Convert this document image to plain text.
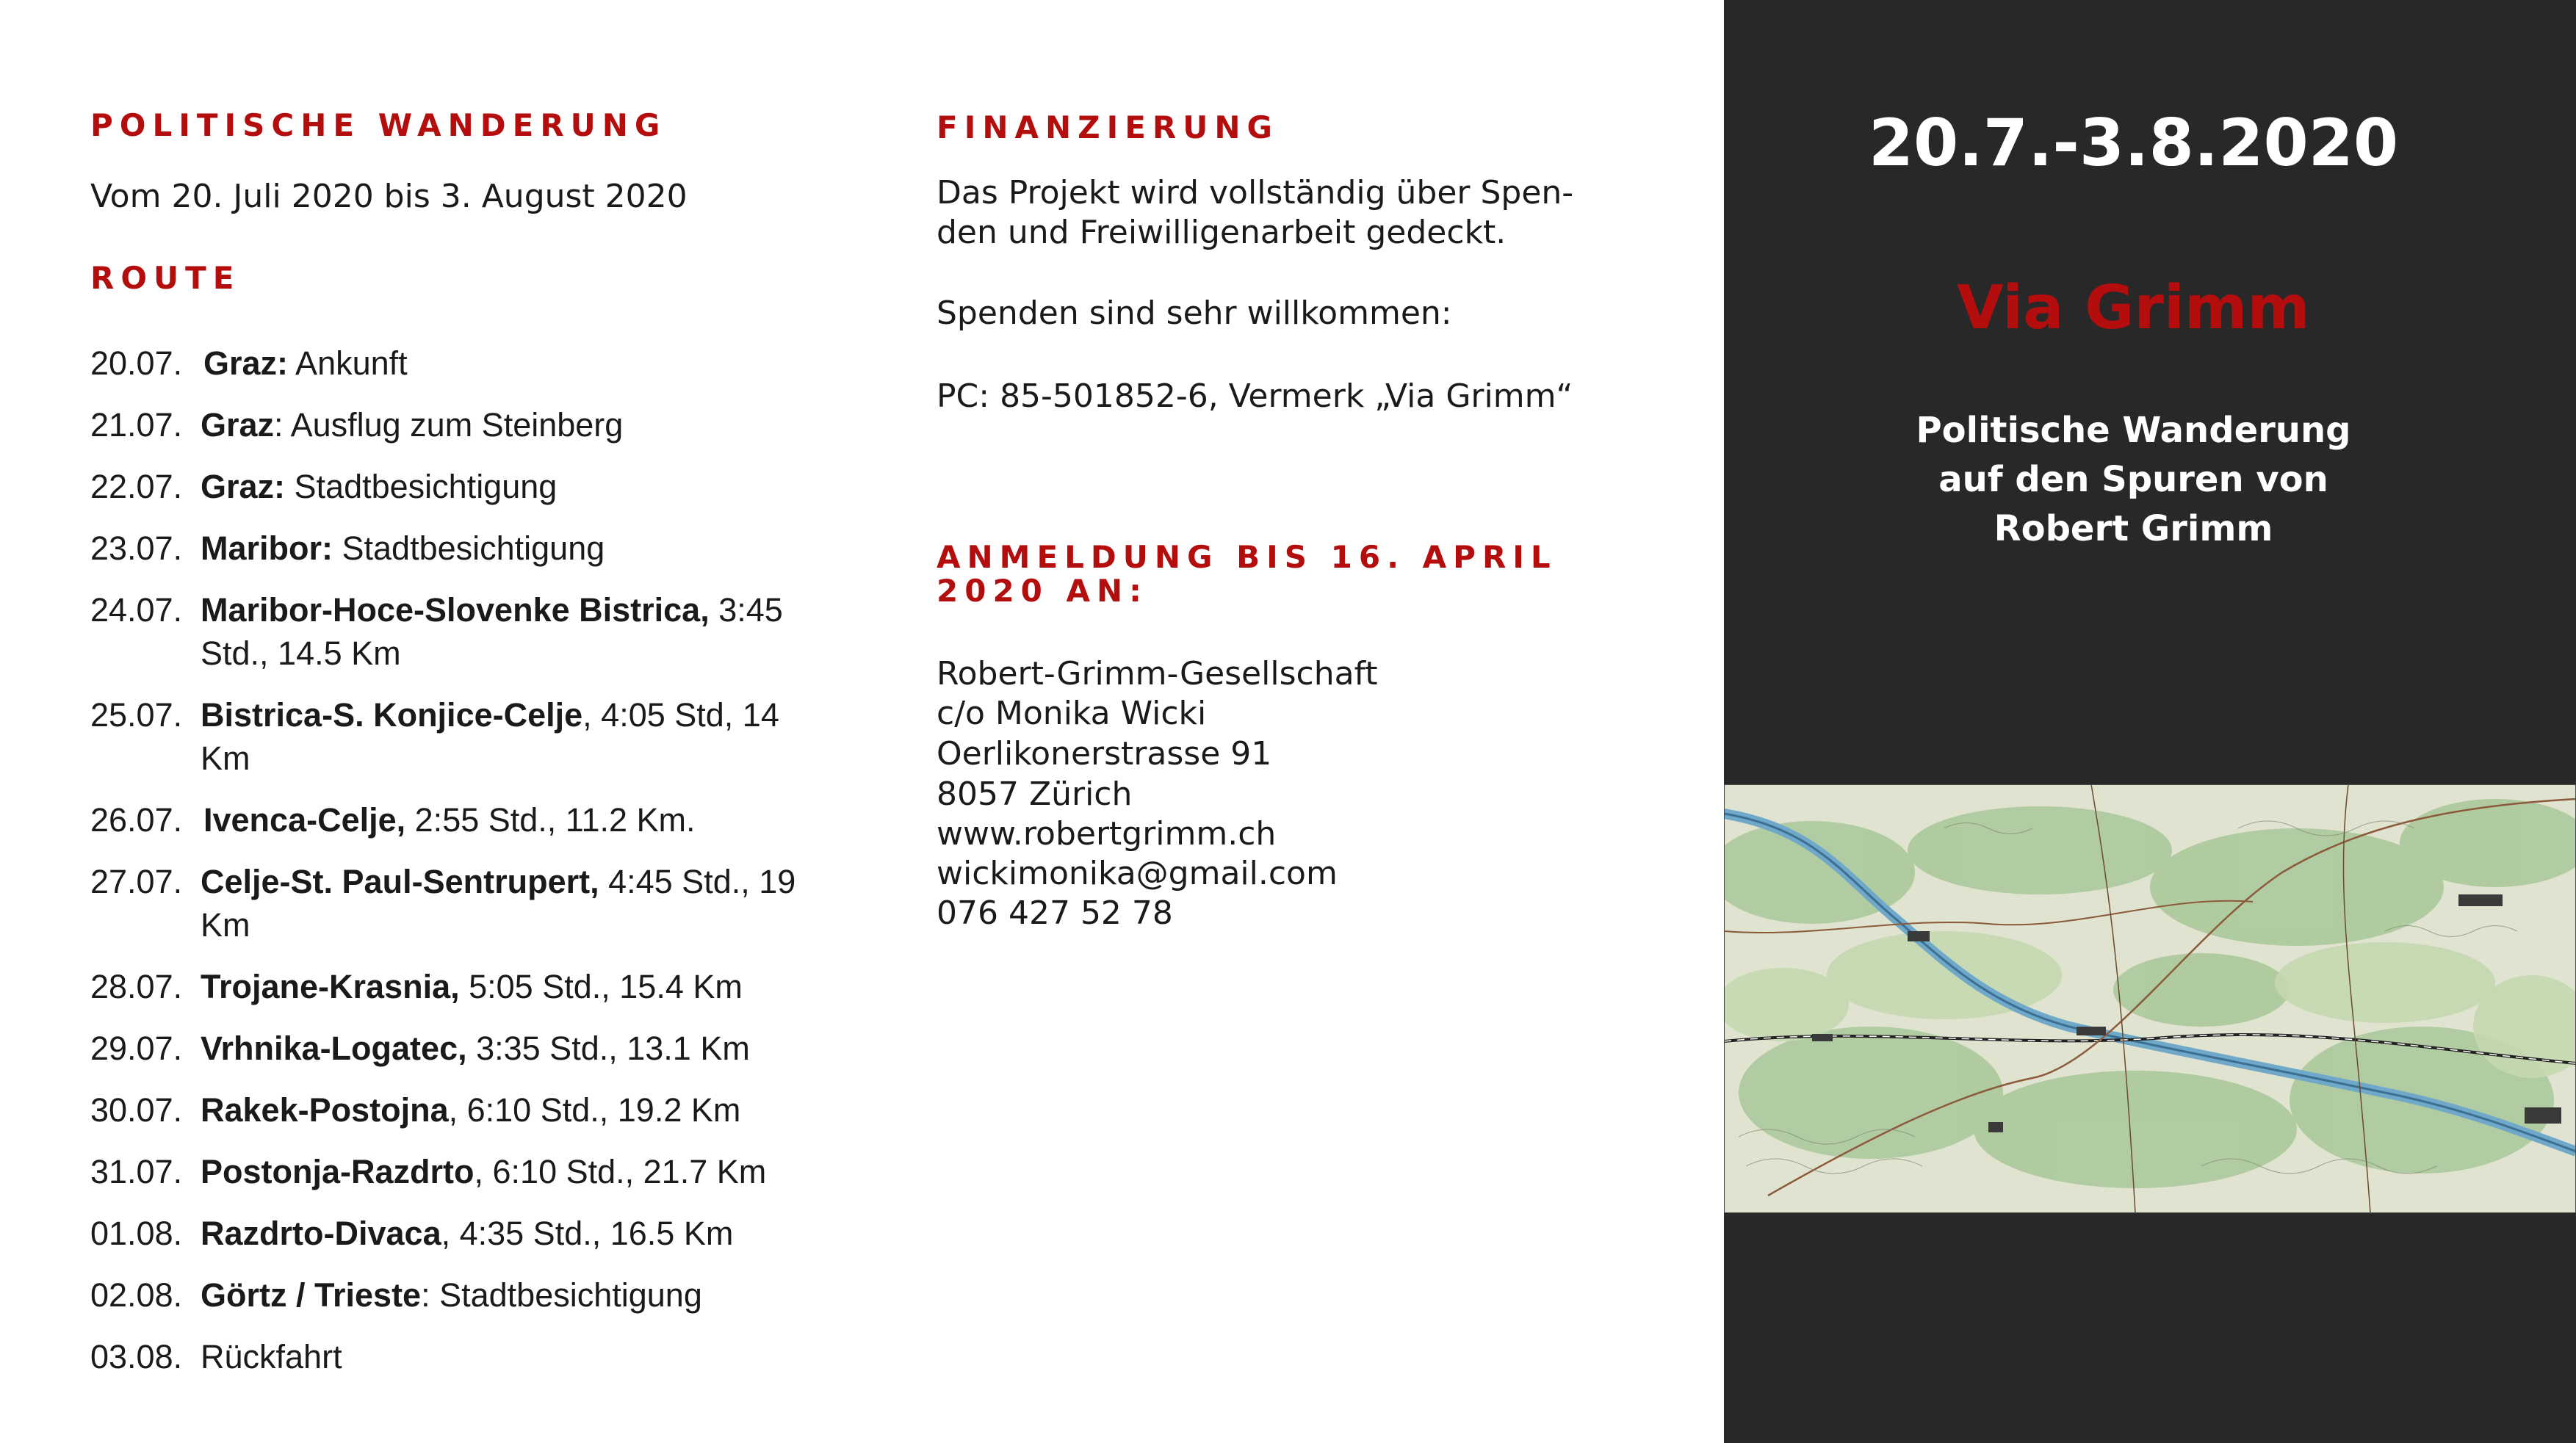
POLITISCHE WANDERUNG

Vom 20. Juli 2020 bis 3. August 2020

ROUTE
20.07. Graz: Ankunft
21.07. Graz: Ausflug zum Steinberg
22.07. Graz: Stadtbesichtigung
23.07. Maribor: Stadtbesichtigung
24.07. Maribor-Hoce-Slovenke Bistrica, 3:45 Std., 14.5 Km
25.07. Bistrica-S. Konjice-Celje, 4:05 Std, 14 Km
26.07. Ivenca-Celje, 2:55 Std., 11.2 Km.
27.07. Celje-St. Paul-Sentrupert, 4:45 Std., 19 Km
28.07. Trojane-Krasnia, 5:05 Std., 15.4 Km
29.07. Vrhnika-Logatec, 3:35 Std., 13.1 Km
30.07. Rakek-Postojna, 6:10 Std., 19.2 Km
31.07. Postonja-Razdrto, 6:10 Std., 21.7 Km
01.08. Razdrto-Divaca, 4:35 Std., 16.5 Km
02.08. Görtz / Trieste: Stadtbesichtigung
03.08. Rückfahrt
FINANZIERUNG

Das Projekt wird vollständig über Spen-

den und Freiwilligenarbeit gedeckt.

Spenden sind sehr willkommen:

PC: 85-501852-6, Vermerk „Via Grimm“

ANMELDUNG BIS 16. APRIL
2020 AN:

Robert-Grimm-Gesellschaft

c/o Monika Wicki

Oerlikonerstrasse 91

8057 Zürich

www.robertgrimm.ch

wickimonika@gmail.com

076 427 52 78

20.7.-3.8.2020

Via Grimm

Politische Wanderung

auf den Spuren von

Robert Grimm
